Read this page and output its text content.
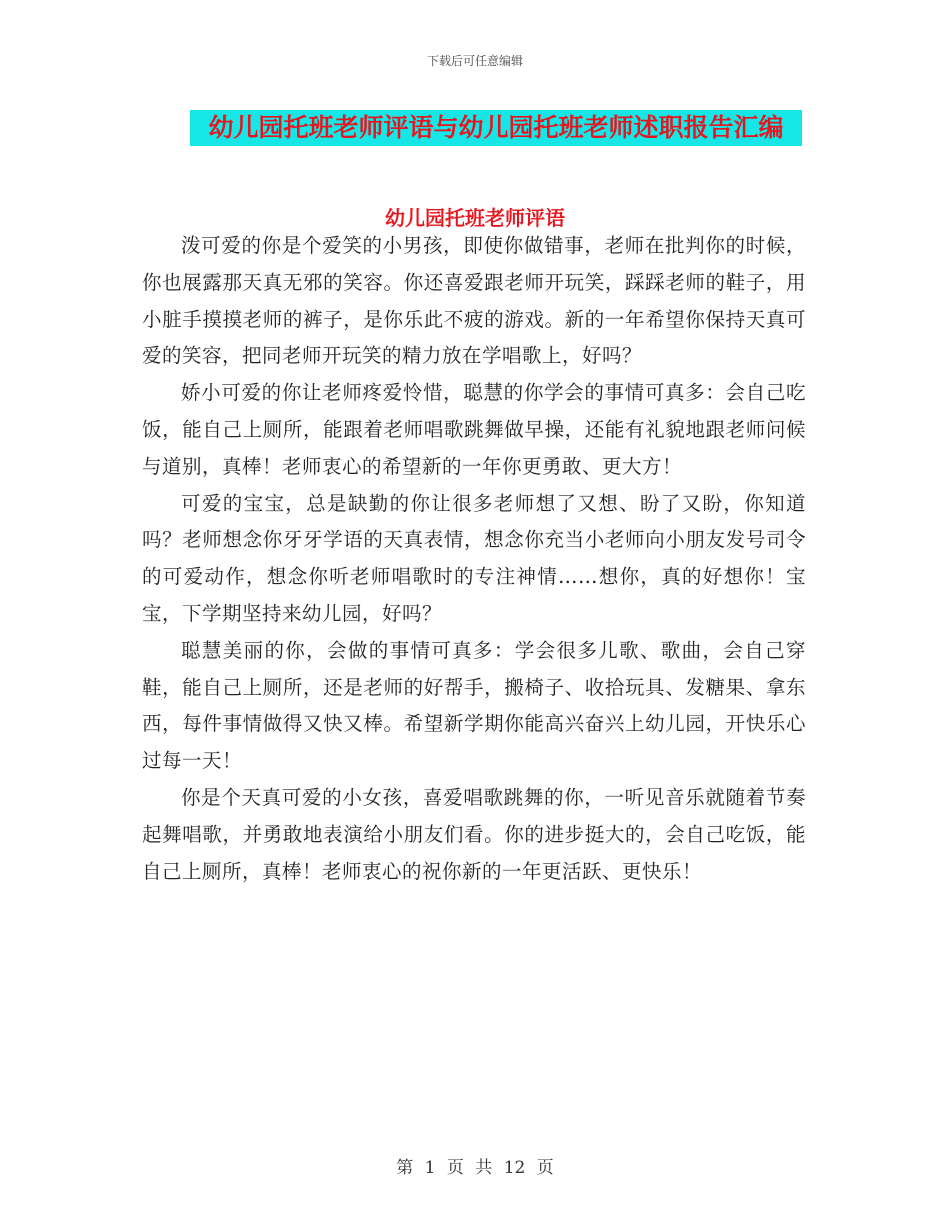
下载后可任意编辑
幼儿园托班老师评语与幼儿园托班老师述职报告汇编
幼儿园托班老师评语

泼可爱的你是个爱笑的小男孩，即使你做错事，老师在批判你的时候，你也展露那天真无邪的笑容。你还喜爱跟老师开玩笑，踩踩老师的鞋子，用小脏手摸摸老师的裤子，是你乐此不疲的游戏。新的一年希望你保持天真可爱的笑容，把同老师开玩笑的精力放在学唱歌上，好吗？

娇小可爱的你让老师疼爱怜惜，聪慧的你学会的事情可真多：会自己吃饭，能自己上厕所，能跟着老师唱歌跳舞做早操，还能有礼貌地跟老师问候与道别，真棒！老师衷心的希望新的一年你更勇敢、更大方！

可爱的宝宝，总是缺勤的你让很多老师想了又想、盼了又盼，你知道吗？老师想念你牙牙学语的天真表情，想念你充当小老师向小朋友发号司令的可爱动作，想念你听老师唱歌时的专注神情……想你，真的好想你！宝宝，下学期坚持来幼儿园，好吗？

聪慧美丽的你，会做的事情可真多：学会很多儿歌、歌曲，会自己穿鞋，能自己上厕所，还是老师的好帮手，搬椅子、收拾玩具、发糖果、拿东西，每件事情做得又快又棒。希望新学期你能高兴奋兴上幼儿园，开快乐心过每一天！

你是个天真可爱的小女孩，喜爱唱歌跳舞的你，一听见音乐就随着节奏起舞唱歌，并勇敢地表演给小朋友们看。你的进步挺大的，会自己吃饭，能自己上厕所，真棒！老师衷心的祝你新的一年更活跃、更快乐！

第 1 页 共 12 页
